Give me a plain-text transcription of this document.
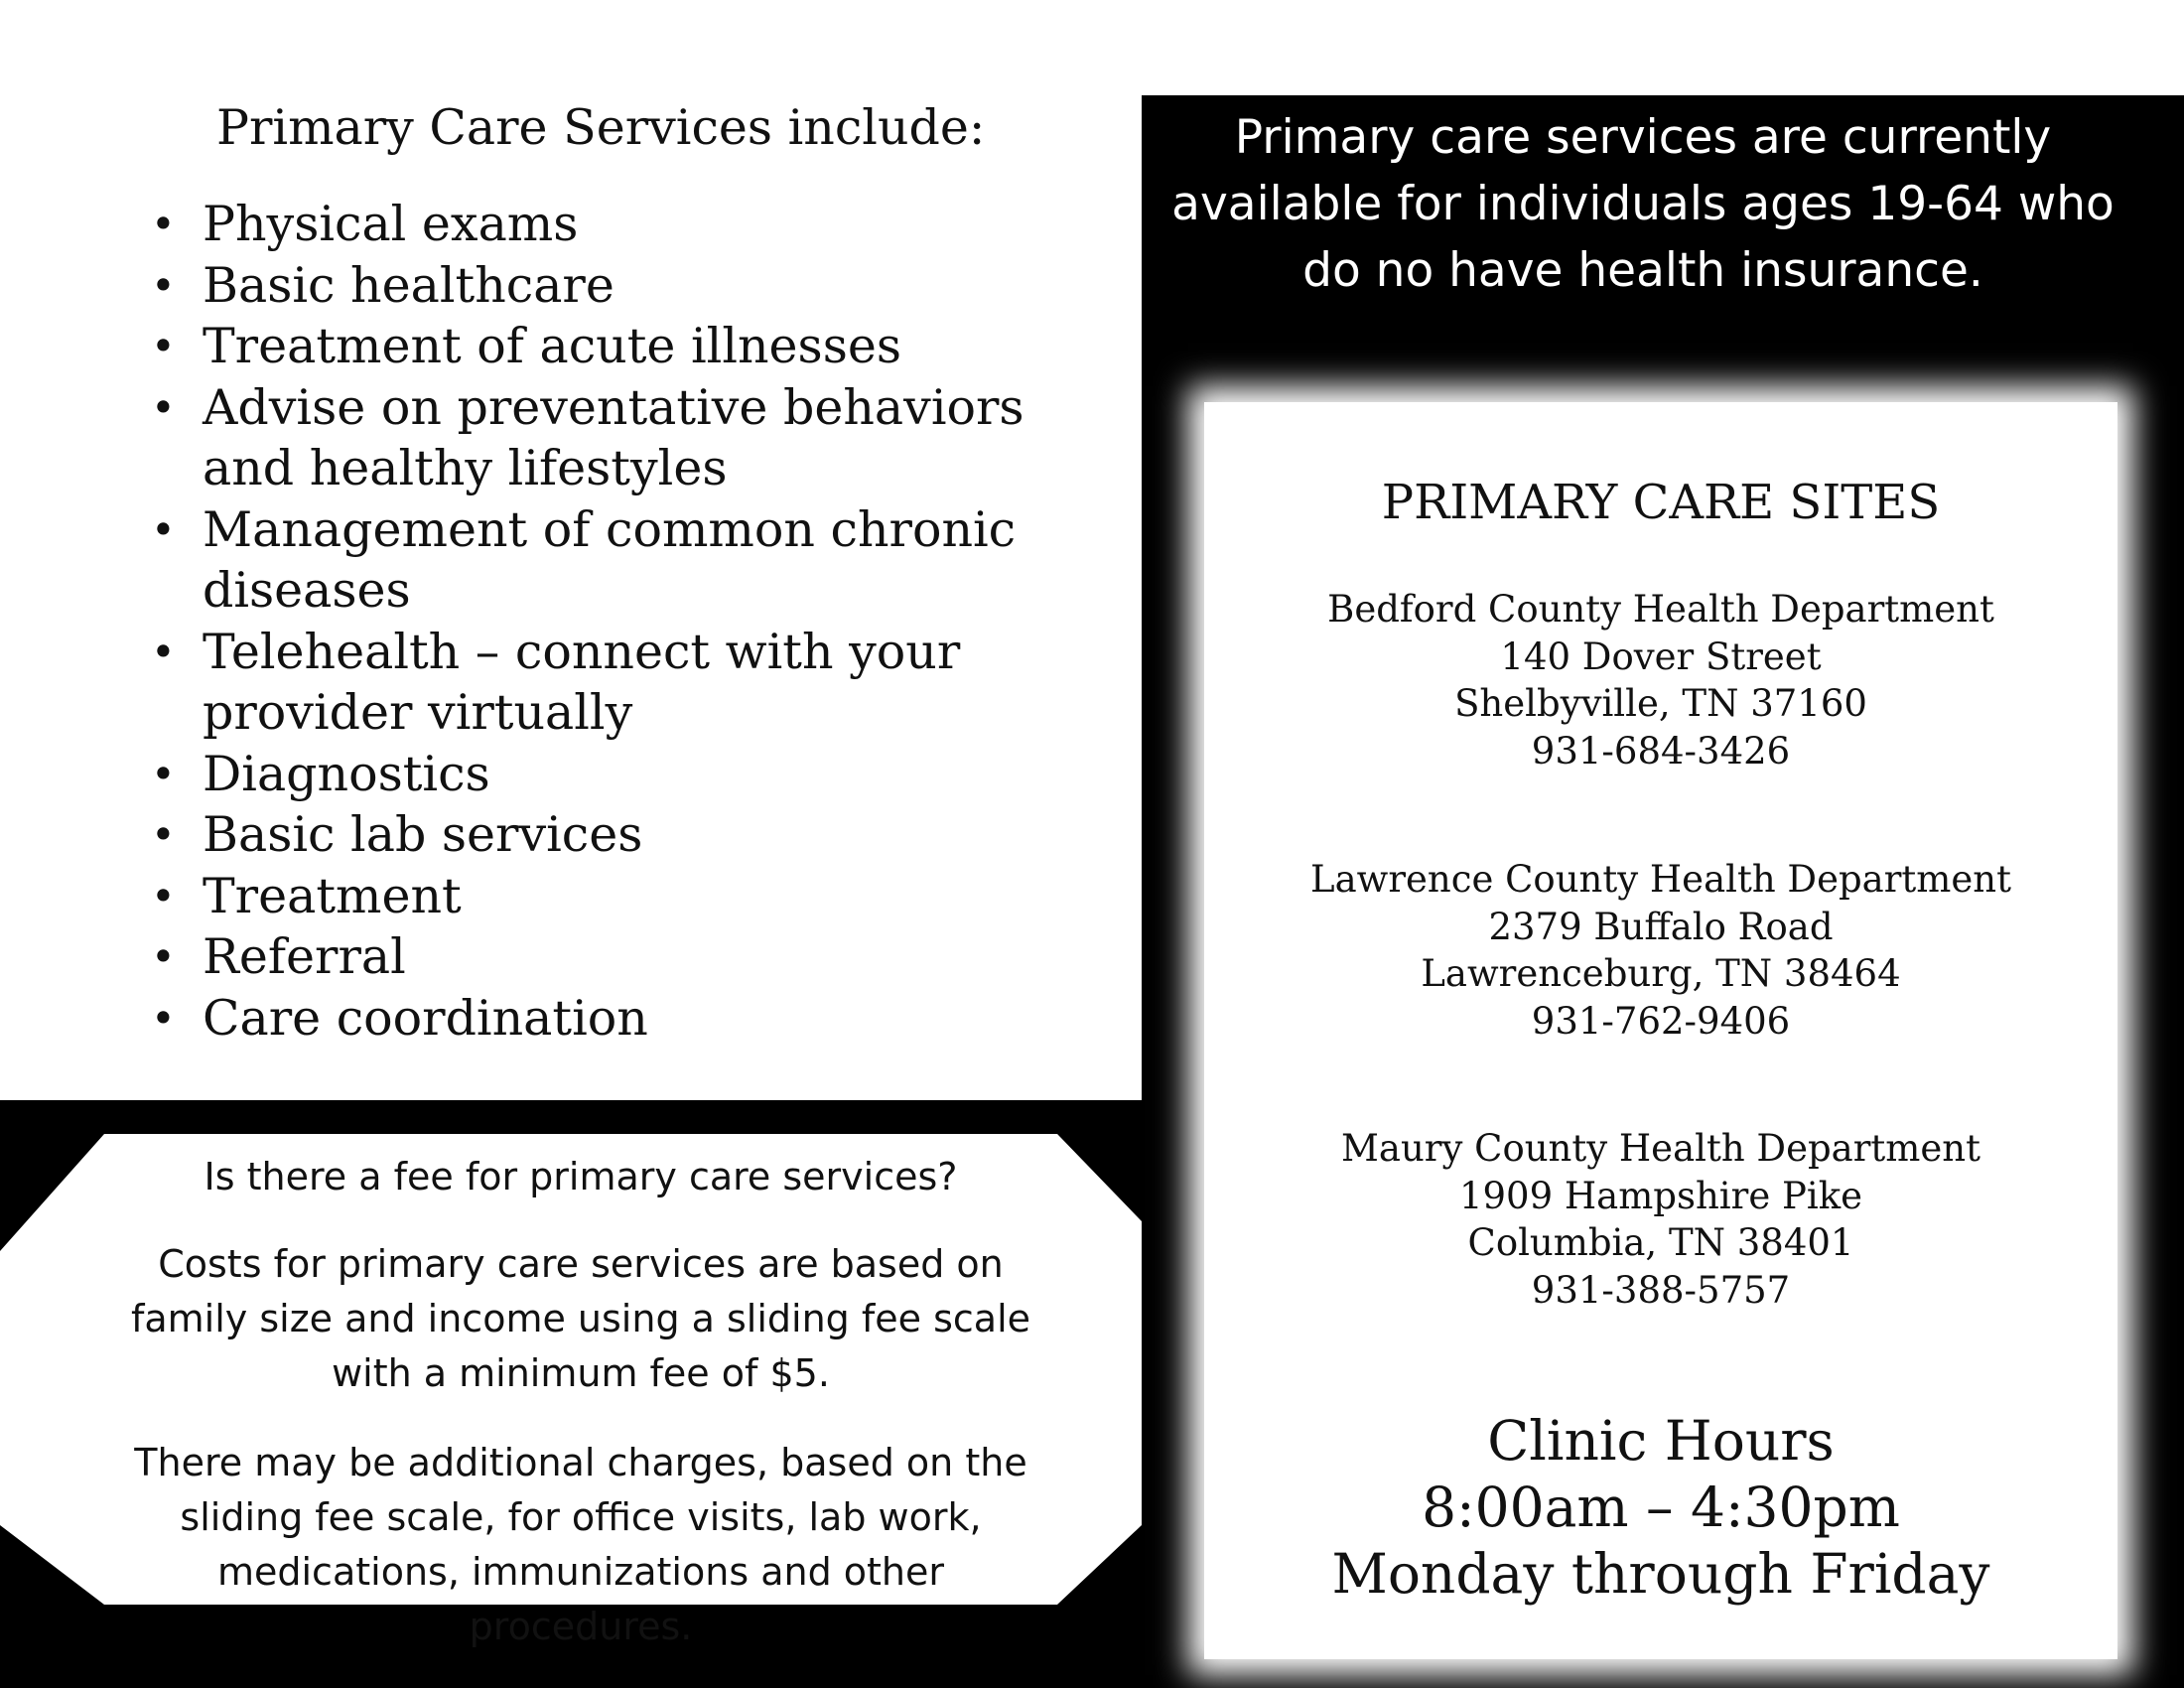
Primary Care Services include:
• Physical exams
• Basic healthcare
• Treatment of acute illnesses
• Advise on preventative behaviors and healthy lifestyles
• Management of common chronic diseases
• Telehealth – connect with your provider virtually
• Diagnostics
• Basic lab services
• Treatment
• Referral
• Care coordination
Primary care services are currently available for individuals ages 19-64 who do no have health insurance.
PRIMARY CARE SITES
Bedford County Health Department
140 Dover Street
Shelbyville, TN 37160
931-684-3426
Lawrence County Health Department
2379 Buffalo Road
Lawrenceburg, TN 38464
931-762-9406
Maury County Health Department
1909 Hampshire Pike
Columbia, TN 38401
931-388-5757
Clinic Hours
8:00am – 4:30pm
Monday through Friday
Is there a fee for primary care services?
Costs for primary care services are based on family size and income using a sliding fee scale with a minimum fee of $5.
There may be additional charges, based on the sliding fee scale, for office visits, lab work, medications, immunizations and other procedures.
